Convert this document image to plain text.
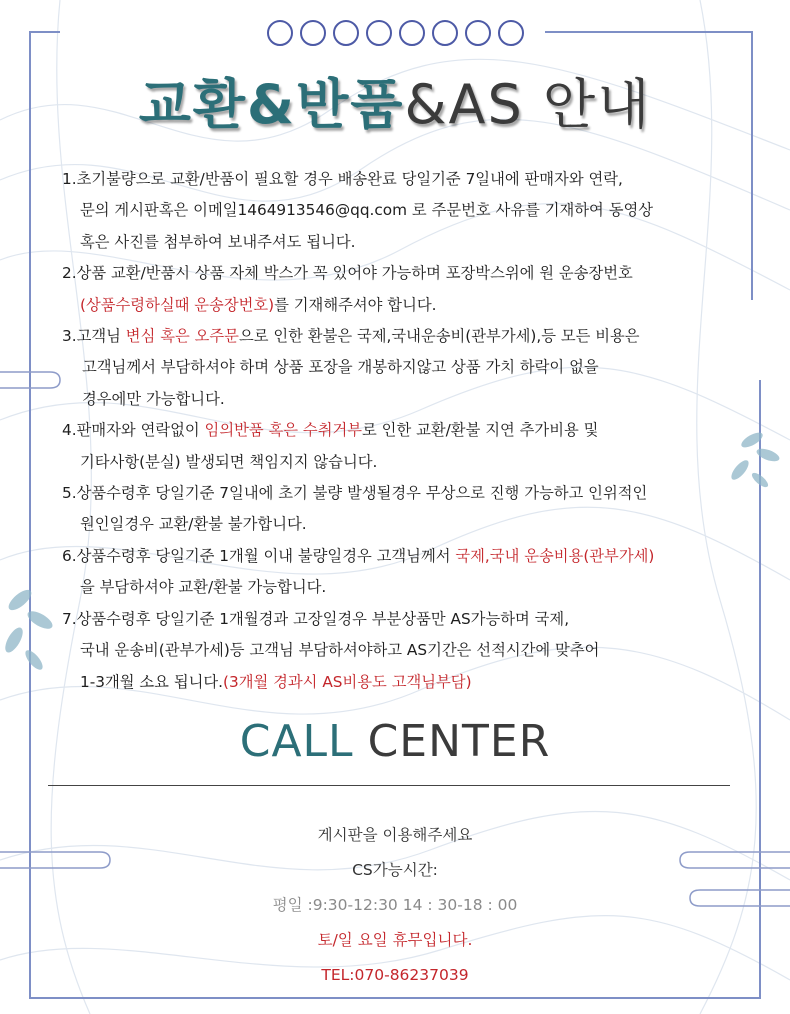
교환&반품&AS 안내
1.초기불량으로 교환/반품이 필요할 경우 배송완료 당일기준 7일내에 판매자와 연락,
문의 게시판혹은 이메일1464913546@qq.com 로 주문번호 사유를 기재하여 동영상
혹은 사진를 첨부하여 보내주셔도 됩니다.
2.상품 교환/반품시 상품 자체 박스가 꼭 있어야 가능하며 포장박스위에 원 운송장번호
(상품수령하실때 운송장번호)를 기재해주셔야 합니다.
3.고객님 변심 혹은 오주문으로 인한 환불은 국제,국내운송비(관부가세),등 모든 비용은
고객님께서 부담하셔야 하며 상품 포장을 개봉하지않고 상품 가치 하락이 없을
경우에만 가능합니다.
4.판매자와 연락없이 임의반품 혹은 수취거부로 인한 교환/환불 지연 추가비용 및
기타사항(분실) 발생되면 책임지지 않습니다.
5.상품수령후 당일기준 7일내에 초기 불량 발생될경우 무상으로 진행 가능하고 인위적인
원인일경우 교환/환불 불가합니다.
6.상품수령후 당일기준 1개월 이내 불량일경우 고객님께서 국제,국내 운송비용(관부가세)
을 부담하셔야 교환/환불 가능합니다.
7.상품수령후 당일기준 1개월경과 고장일경우 부분상품만 AS가능하며 국제,
국내 운송비(관부가세)등 고객님 부담하셔야하고 AS기간은 선적시간에 맞추어
1-3개월 소요 됩니다.(3개월 경과시 AS비용도 고객님부담)
CALL CENTER
게시판을 이용해주세요
CS가능시간:
평일 :9:30-12:30 14 : 30-18 : 00
토/일 요일 휴무입니다.
TEL:070-86237039
